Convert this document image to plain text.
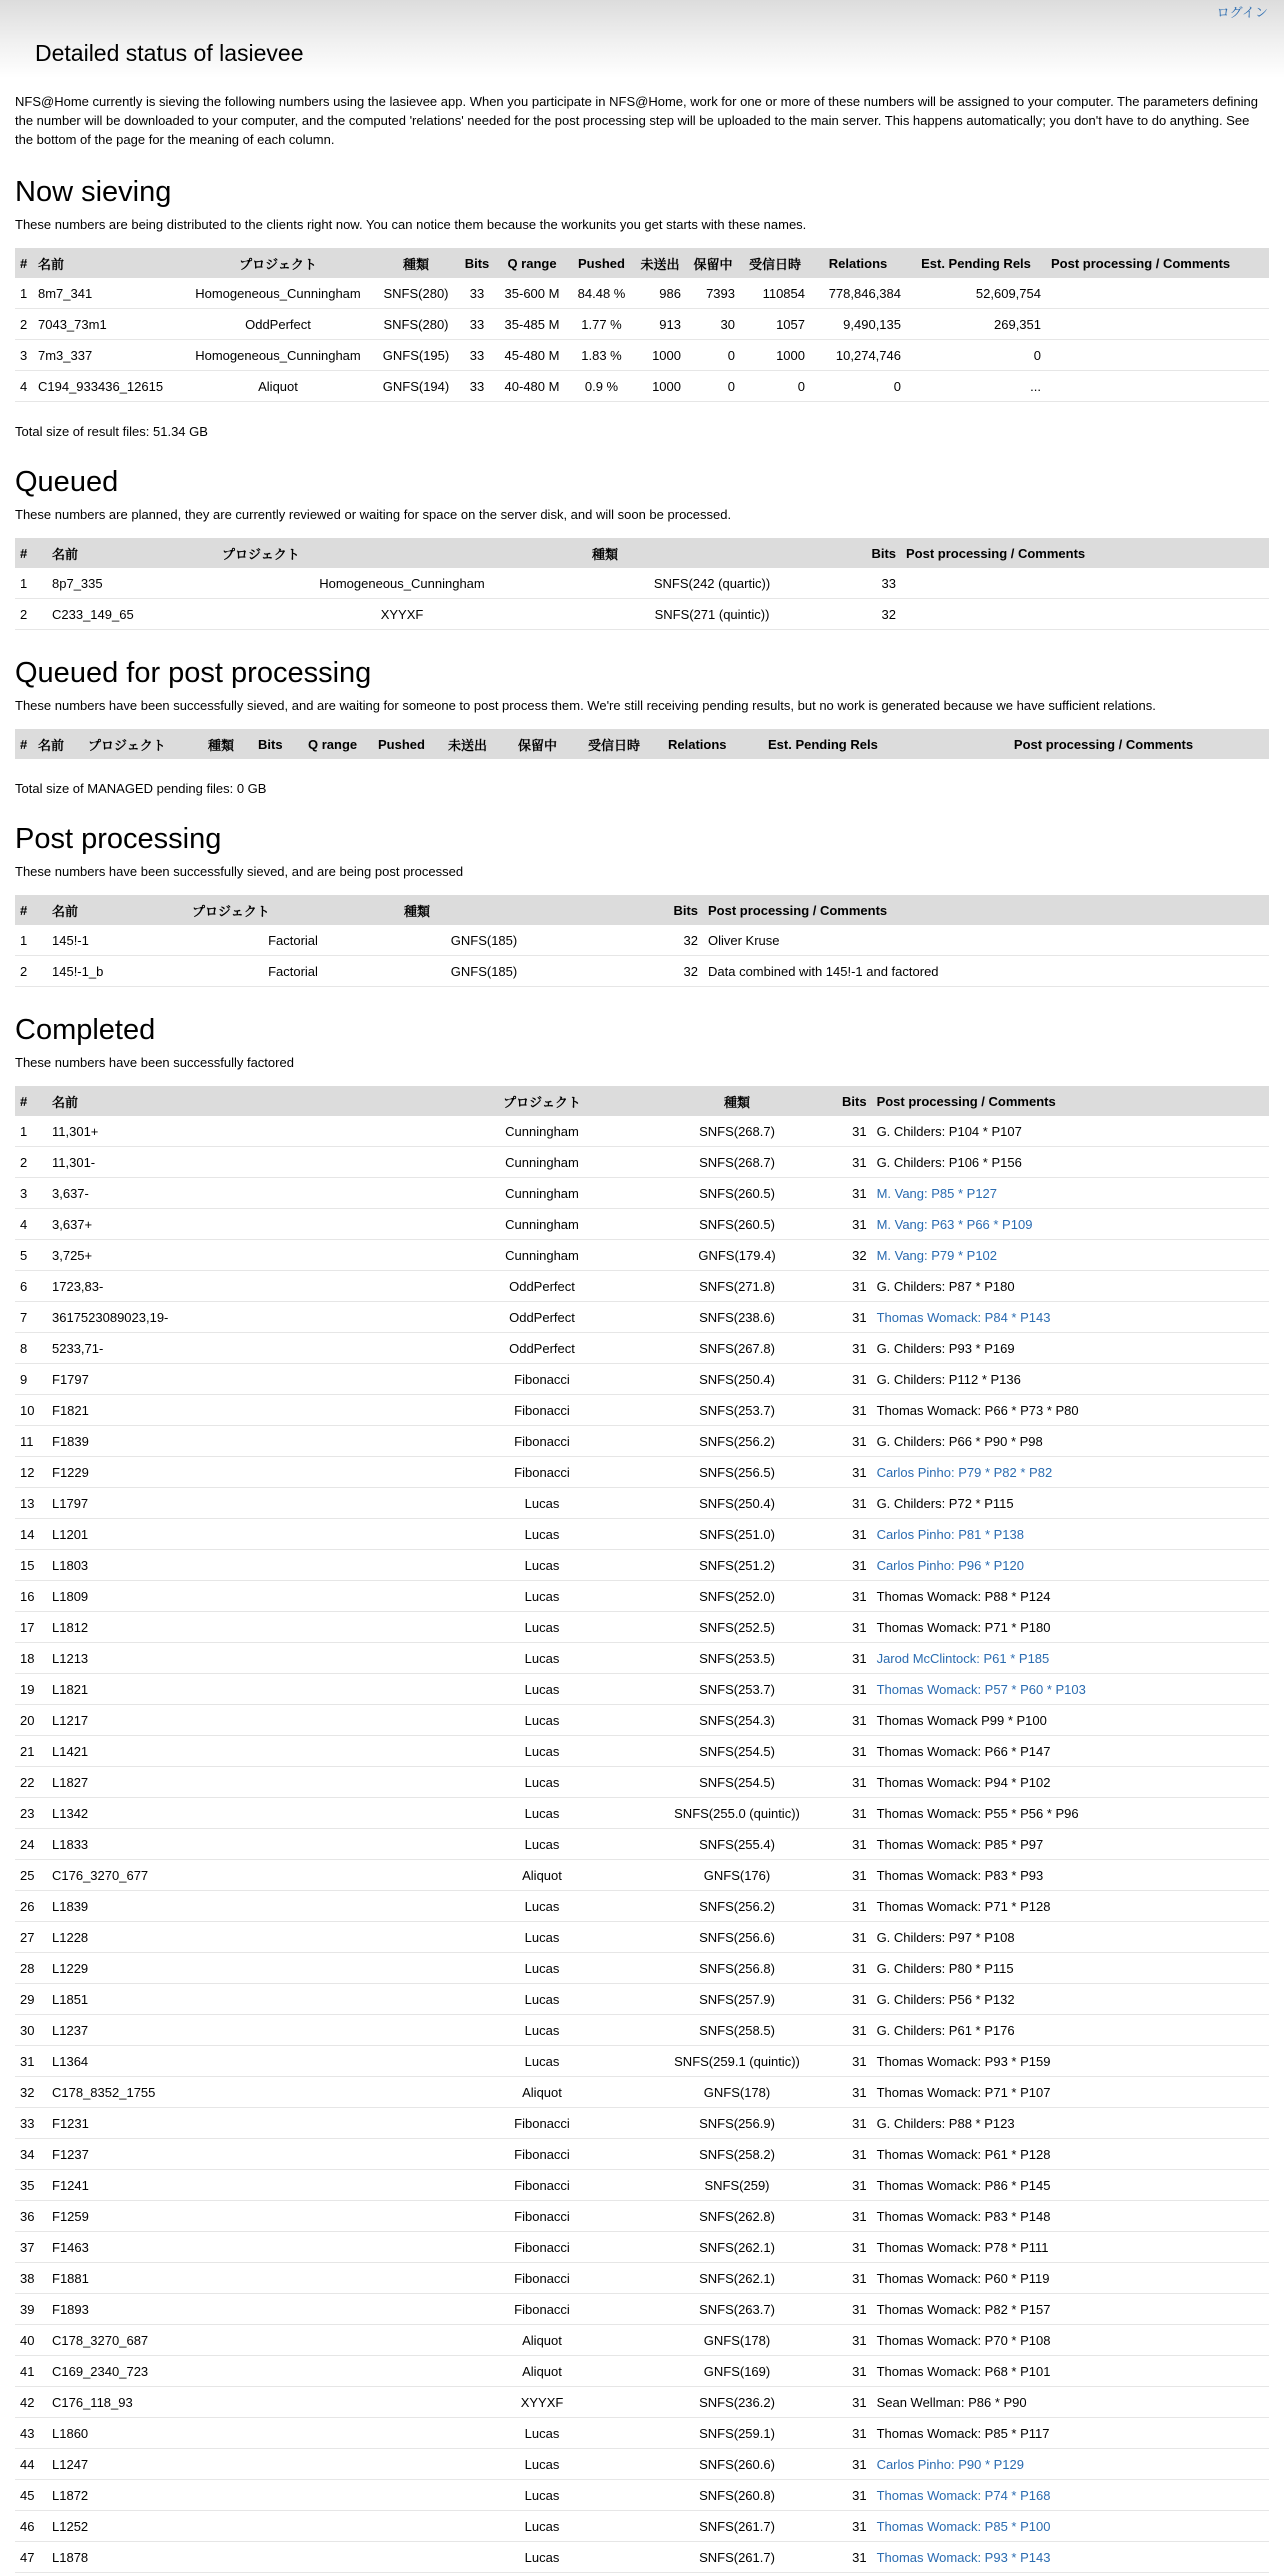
ログイン
Detailed status of lasievee

NFS@Home currently is sieving the following numbers using the lasievee app. When you participate in NFS@Home, work for one or more of these numbers will be assigned to your computer. The parameters defining the number will be downloaded to your computer, and the computed 'relations' needed for the post processing step will be uploaded to the main server. This happens automatically; you don't have to do anything. See the bottom of the page for the meaning of each column.

Now sieving

These numbers are being distributed to the clients right now. You can notice them because the workunits you get starts with these names.

#	名前	プロジェクト	種類	Bits	Q range	Pushed	未送出	保留中	受信日時	Relations	Est. Pending Rels	Post processing / Comments
1	8m7_341	Homogeneous_Cunningham	SNFS(280)	33	35-600 M	84.48 %	986	7393	110854	778,846,384	52,609,754	
2	7043_73m1	OddPerfect	SNFS(280)	33	35-485 M	1.77 %	913	30	1057	9,490,135	269,351	
3	7m3_337	Homogeneous_Cunningham	GNFS(195)	33	45-480 M	1.83 %	1000	0	1000	10,274,746	0	
4	C194_933436_12615	Aliquot	GNFS(194)	33	40-480 M	0.9 %	1000	0	0	0	...	

Total size of result files: 51.34 GB

Queued

These numbers are planned, they are currently reviewed or waiting for space on the server disk, and will soon be processed.

#	名前	プロジェクト	種類	Bits	Post processing / Comments
1	8p7_335	Homogeneous_Cunningham	SNFS(242 (quartic))	33	
2	C233_149_65	XYYXF	SNFS(271 (quintic))	32	
Queued for post processing

These numbers have been successfully sieved, and are waiting for someone to post process them. We're still receiving pending results, but no work is generated because we have sufficient relations.

#	名前	プロジェクト	種類	Bits	Q range	Pushed	未送出	保留中	受信日時	Relations	Est. Pending Rels	Post processing / Comments

Total size of MANAGED pending files: 0 GB

Post processing

These numbers have been successfully sieved, and are being post processed

#	名前	プロジェクト	種類	Bits	Post processing / Comments
1	145!-1	Factorial	GNFS(185)	32	Oliver Kruse
2	145!-1_b	Factorial	GNFS(185)	32	Data combined with 145!-1 and factored
Completed

These numbers have been successfully factored

#	名前	プロジェクト	種類	Bits	Post processing / Comments
1	11,301+	Cunningham	SNFS(268.7)	31	G. Childers: P104 * P107
2	11,301-	Cunningham	SNFS(268.7)	31	G. Childers: P106 * P156
3	3,637-	Cunningham	SNFS(260.5)	31	M. Vang: P85 * P127
4	3,637+	Cunningham	SNFS(260.5)	31	M. Vang: P63 * P66 * P109
5	3,725+	Cunningham	GNFS(179.4)	32	M. Vang: P79 * P102
6	1723,83-	OddPerfect	SNFS(271.8)	31	G. Childers: P87 * P180
7	3617523089023,19-	OddPerfect	SNFS(238.6)	31	Thomas Womack: P84 * P143
8	5233,71-	OddPerfect	SNFS(267.8)	31	G. Childers: P93 * P169
9	F1797	Fibonacci	SNFS(250.4)	31	G. Childers: P112 * P136
10	F1821	Fibonacci	SNFS(253.7)	31	Thomas Womack: P66 * P73 * P80
11	F1839	Fibonacci	SNFS(256.2)	31	G. Childers: P66 * P90 * P98
12	F1229	Fibonacci	SNFS(256.5)	31	Carlos Pinho: P79 * P82 * P82
13	L1797	Lucas	SNFS(250.4)	31	G. Childers: P72 * P115
14	L1201	Lucas	SNFS(251.0)	31	Carlos Pinho: P81 * P138
15	L1803	Lucas	SNFS(251.2)	31	Carlos Pinho: P96 * P120
16	L1809	Lucas	SNFS(252.0)	31	Thomas Womack: P88 * P124
17	L1812	Lucas	SNFS(252.5)	31	Thomas Womack: P71 * P180
18	L1213	Lucas	SNFS(253.5)	31	Jarod McClintock: P61 * P185
19	L1821	Lucas	SNFS(253.7)	31	Thomas Womack: P57 * P60 * P103
20	L1217	Lucas	SNFS(254.3)	31	Thomas Womack P99 * P100
21	L1421	Lucas	SNFS(254.5)	31	Thomas Womack: P66 * P147
22	L1827	Lucas	SNFS(254.5)	31	Thomas Womack: P94 * P102
23	L1342	Lucas	SNFS(255.0 (quintic))	31	Thomas Womack: P55 * P56 * P96
24	L1833	Lucas	SNFS(255.4)	31	Thomas Womack: P85 * P97
25	C176_3270_677	Aliquot	GNFS(176)	31	Thomas Womack: P83 * P93
26	L1839	Lucas	SNFS(256.2)	31	Thomas Womack: P71 * P128
27	L1228	Lucas	SNFS(256.6)	31	G. Childers: P97 * P108
28	L1229	Lucas	SNFS(256.8)	31	G. Childers: P80 * P115
29	L1851	Lucas	SNFS(257.9)	31	G. Childers: P56 * P132
30	L1237	Lucas	SNFS(258.5)	31	G. Childers: P61 * P176
31	L1364	Lucas	SNFS(259.1 (quintic))	31	Thomas Womack: P93 * P159
32	C178_8352_1755	Aliquot	GNFS(178)	31	Thomas Womack: P71 * P107
33	F1231	Fibonacci	SNFS(256.9)	31	G. Childers: P88 * P123
34	F1237	Fibonacci	SNFS(258.2)	31	Thomas Womack: P61 * P128
35	F1241	Fibonacci	SNFS(259)	31	Thomas Womack: P86 * P145
36	F1259	Fibonacci	SNFS(262.8)	31	Thomas Womack: P83 * P148
37	F1463	Fibonacci	SNFS(262.1)	31	Thomas Womack: P78 * P111
38	F1881	Fibonacci	SNFS(262.1)	31	Thomas Womack: P60 * P119
39	F1893	Fibonacci	SNFS(263.7)	31	Thomas Womack: P82 * P157
40	C178_3270_687	Aliquot	GNFS(178)	31	Thomas Womack: P70 * P108
41	C169_2340_723	Aliquot	GNFS(169)	31	Thomas Womack: P68 * P101
42	C176_118_93	XYYXF	SNFS(236.2)	31	Sean Wellman: P86 * P90
43	L1860	Lucas	SNFS(259.1)	31	Thomas Womack: P85 * P117
44	L1247	Lucas	SNFS(260.6)	31	Carlos Pinho: P90 * P129
45	L1872	Lucas	SNFS(260.8)	31	Thomas Womack: P74 * P168
46	L1252	Lucas	SNFS(261.7)	31	Thomas Womack: P85 * P100
47	L1878	Lucas	SNFS(261.7)	31	Thomas Womack: P93 * P143
